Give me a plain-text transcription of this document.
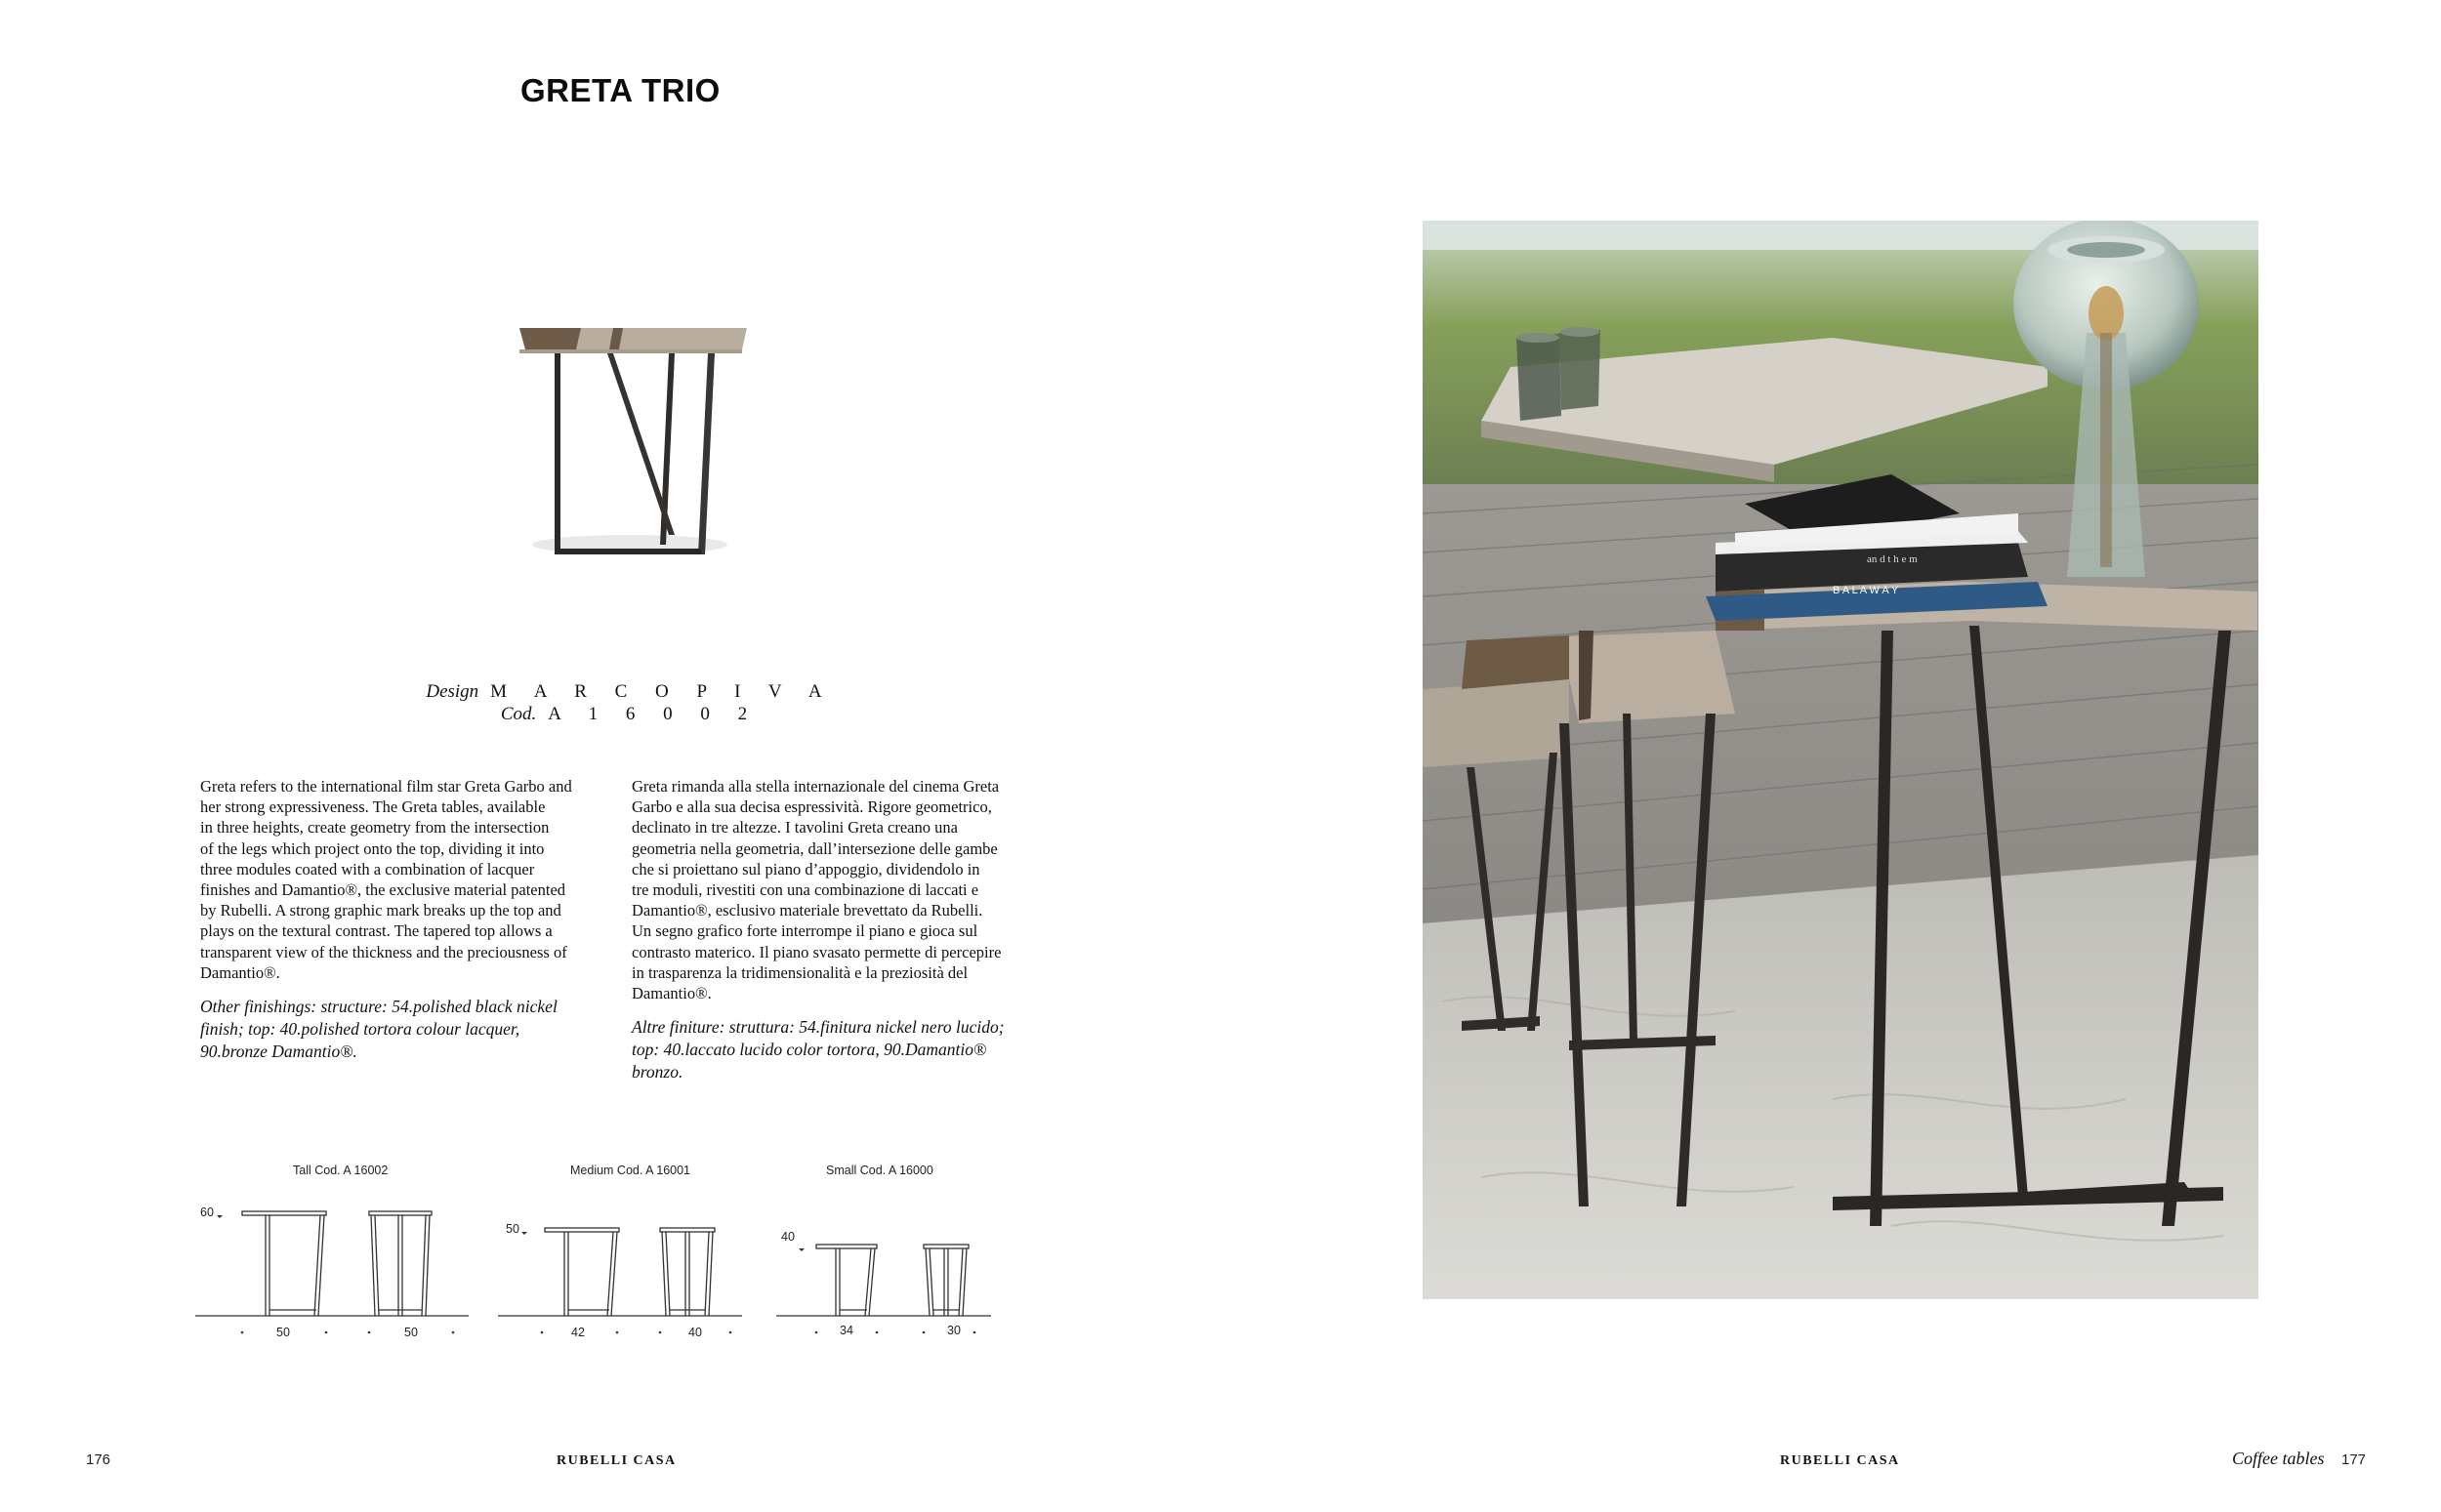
GRETA TRIO
Design M A R C O P I V A
Cod. A 1 6 0 0 2

Greta refers to the international film star Greta Garbo and
her strong expressiveness. The Greta tables, available
in three heights, create geometry from the intersection
of the legs which project onto the top, dividing it into
three modules coated with a combination of lacquer
finishes and Damantio®, the exclusive material patented
by Rubelli. A strong graphic mark breaks up the top and
plays on the textural contrast. The tapered top allows a
transparent view of the thickness and the preciousness of
Damantio®.

Other finishings: structure: 54.polished black nickel
finish; top: 40.polished tortora colour lacquer,
90.bronze Damantio®.

Greta rimanda alla stella internazionale del cinema Greta
Garbo e alla sua decisa espressività. Rigore geometrico,
declinato in tre altezze. I tavolini Greta creano una
geometria nella geometria, dall’intersezione delle gambe
che si proiettano sul piano d’appoggio, dividendolo in
tre moduli, rivestiti con una combinazione di laccati e
Damantio®, esclusivo materiale brevettato da Rubelli.
Un segno grafico forte interrompe il piano e gioca sul
contrasto materico. Il piano svasato permette di percepire
in trasparenza la tridimensionalità e la preziosità del
Damantio®.

Altre finiture: struttura: 54.finitura nickel nero lucido;
top: 40.laccato lucido color tortora, 90.Damantio®
bronzo.

Tall Cod. A 16002	Medium Cod. A 16001	Small Cod. A 16000
60
50
40
50	50	42	40	34	30
176	RUBELLI CASA
B A L A W A Y
an d t h e m
RUBELLI CASA	Coffee tables 177
